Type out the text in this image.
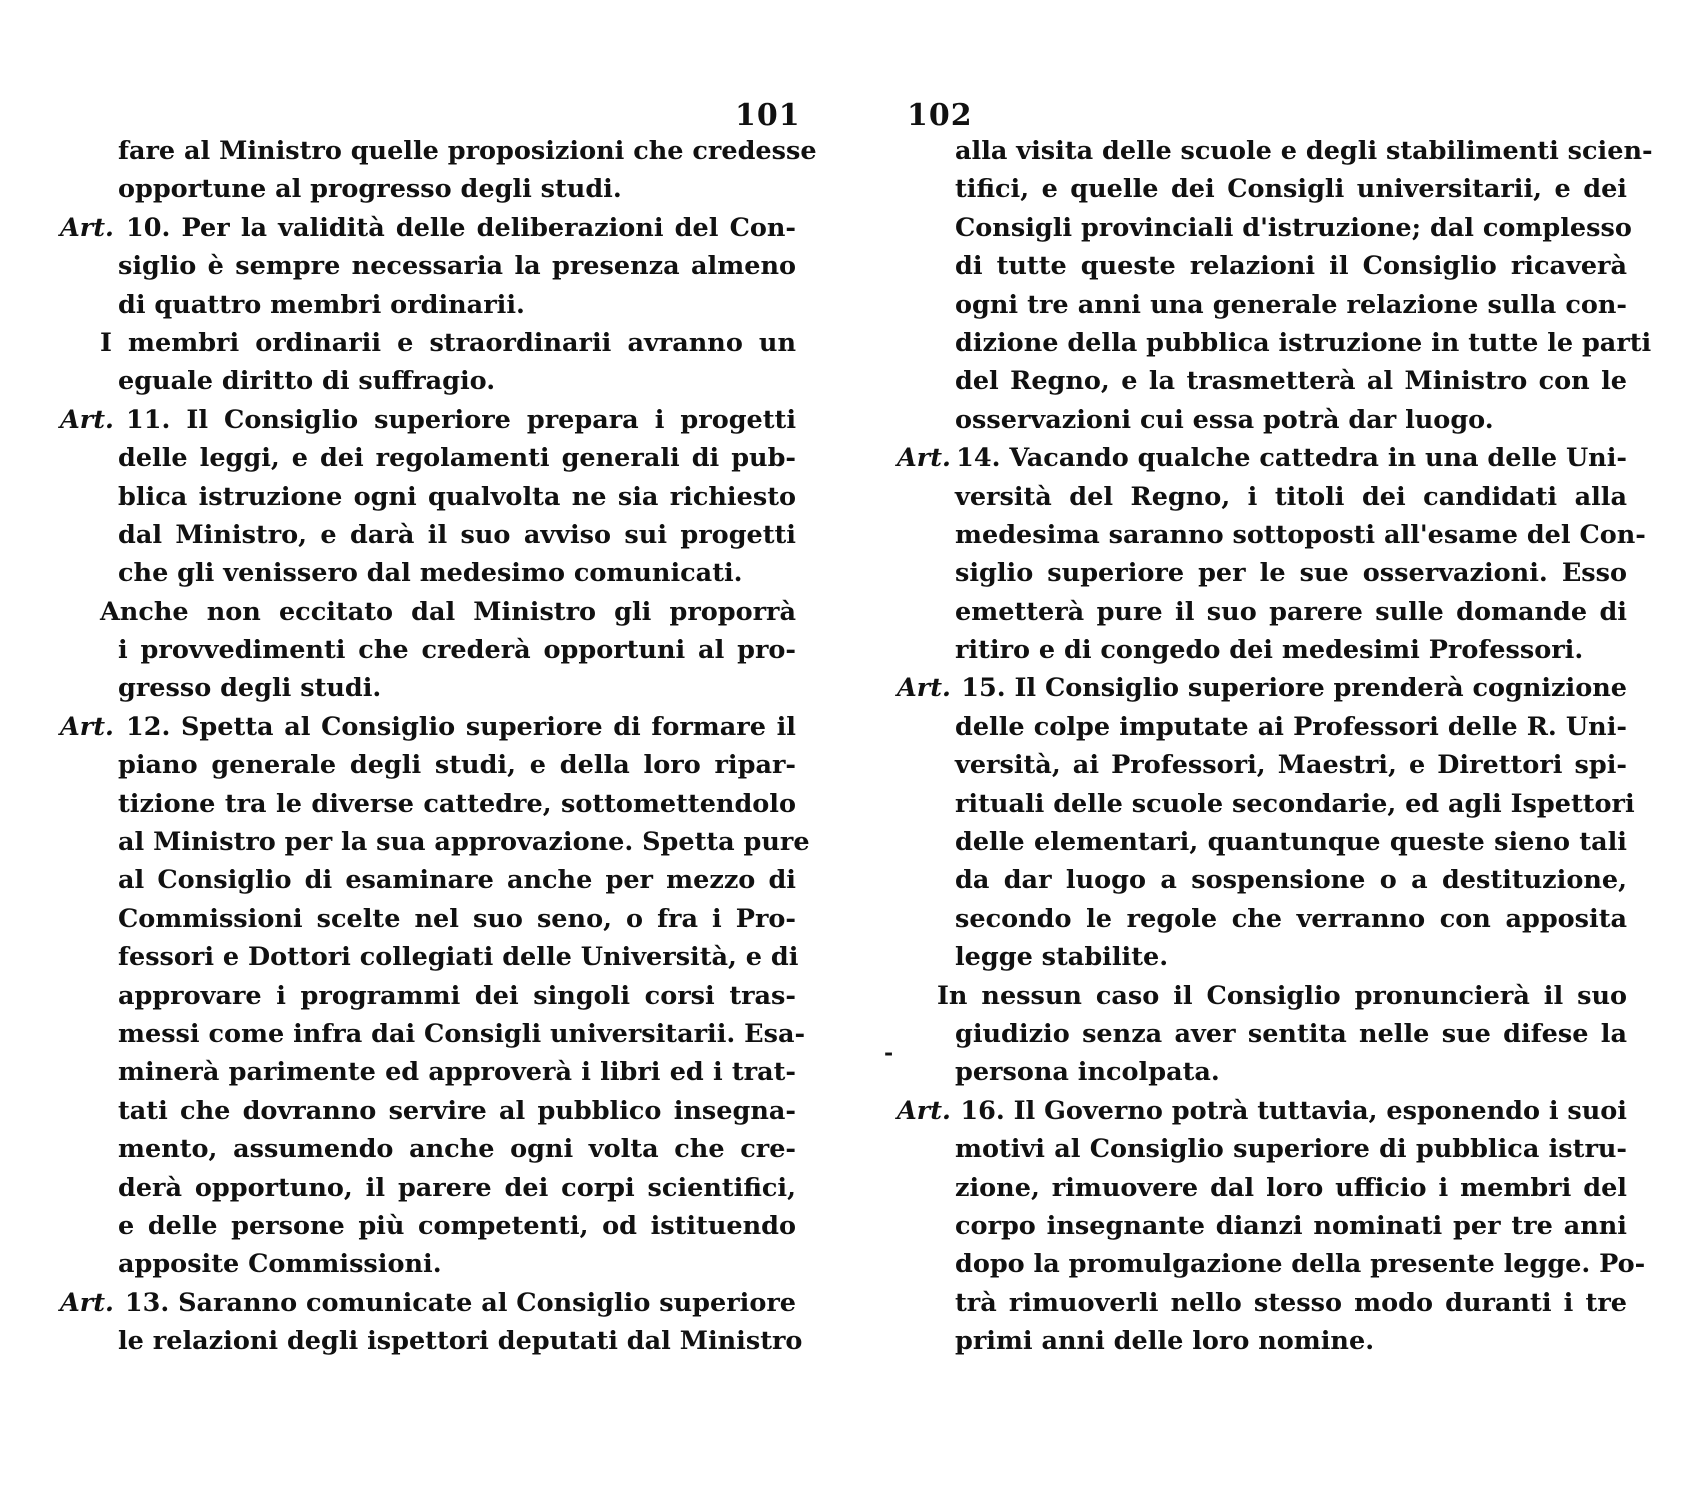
101
fare al Ministro quelle proposizioni che credesse
opportune al progresso degli studi.
Art. 10. Per la validità delle deliberazioni del Con-
siglio è sempre necessaria la presenza almeno
di quattro membri ordinarii.
I membri ordinarii e straordinarii avranno un
eguale diritto di suffragio.
Art. 11. Il Consiglio superiore prepara i progetti
delle leggi, e dei regolamenti generali di pub-
blica istruzione ogni qualvolta ne sia richiesto
dal Ministro, e darà il suo avviso sui progetti
che gli venissero dal medesimo comunicati.
Anche non eccitato dal Ministro gli proporrà
i provvedimenti che crederà opportuni al pro-
gresso degli studi.
Art. 12. Spetta al Consiglio superiore di formare il
piano generale degli studi, e della loro ripar-
tizione tra le diverse cattedre, sottomettendolo
al Ministro per la sua approvazione. Spetta pure
al Consiglio di esaminare anche per mezzo di
Commissioni scelte nel suo seno, o fra i Pro-
fessori e Dottori collegiati delle Università, e di
approvare i programmi dei singoli corsi tras-
messi come infra dai Consigli universitarii. Esa-
minerà parimente ed approverà i libri ed i trat-
tati che dovranno servire al pubblico insegna-
mento, assumendo anche ogni volta che cre-
derà opportuno, il parere dei corpi scientifici,
e delle persone più competenti, od istituendo
apposite Commissioni.
Art. 13. Saranno comunicate al Consiglio superiore
le relazioni degli ispettori deputati dal Ministro
102
alla visita delle scuole e degli stabilimenti scien-
tifici, e quelle dei Consigli universitarii, e dei
Consigli provinciali d'istruzione; dal complesso
di tutte queste relazioni il Consiglio ricaverà
ogni tre anni una generale relazione sulla con-
dizione della pubblica istruzione in tutte le parti
del Regno, e la trasmetterà al Ministro con le
osservazioni cui essa potrà dar luogo.
Art. 14. Vacando qualche cattedra in una delle Uni-
versità del Regno, i titoli dei candidati alla
medesima saranno sottoposti all'esame del Con-
siglio superiore per le sue osservazioni. Esso
emetterà pure il suo parere sulle domande di
ritiro e di congedo dei medesimi Professori.
Art. 15. Il Consiglio superiore prenderà cognizione
delle colpe imputate ai Professori delle R. Uni-
versità, ai Professori, Maestri, e Direttori spi-
rituali delle scuole secondarie, ed agli Ispettori
delle elementari, quantunque queste sieno tali
da dar luogo a sospensione o a destituzione,
secondo le regole che verranno con apposita
legge stabilite.
In nessun caso il Consiglio pronuncierà il suo
giudizio senza aver sentita nelle sue difese la
persona incolpata.
Art. 16. Il Governo potrà tuttavia, esponendo i suoi
motivi al Consiglio superiore di pubblica istru-
zione, rimuovere dal loro ufficio i membri del
corpo insegnante dianzi nominati per tre anni
dopo la promulgazione della presente legge. Po-
trà rimuoverli nello stesso modo duranti i tre
primi anni delle loro nomine.
-
